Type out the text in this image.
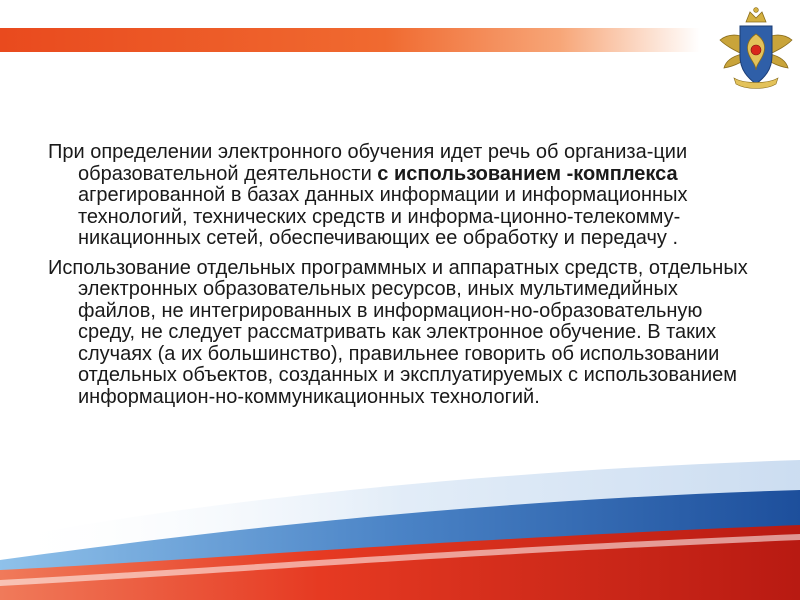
При определении электронного обучения идет речь об организа-ции образовательной деятельности с использованием -комплекса агрегированной в базах данных информации и информационных технологий, технических средств и информа-ционно-телекомму-никационных сетей, обеспечивающих ее обработку и передачу .

Использование отдельных программных и аппаратных средств, отдельных электронных образовательных ресурсов, иных мультимедийных файлов, не интегрированных в информацион-но-образовательную среду, не следует рассматривать как электронное обучение. В таких случаях (а их большинство), правильнее говорить об использовании отдельных объектов, созданных и эксплуатируемых с использованием информацион-но-коммуникационных технологий.
